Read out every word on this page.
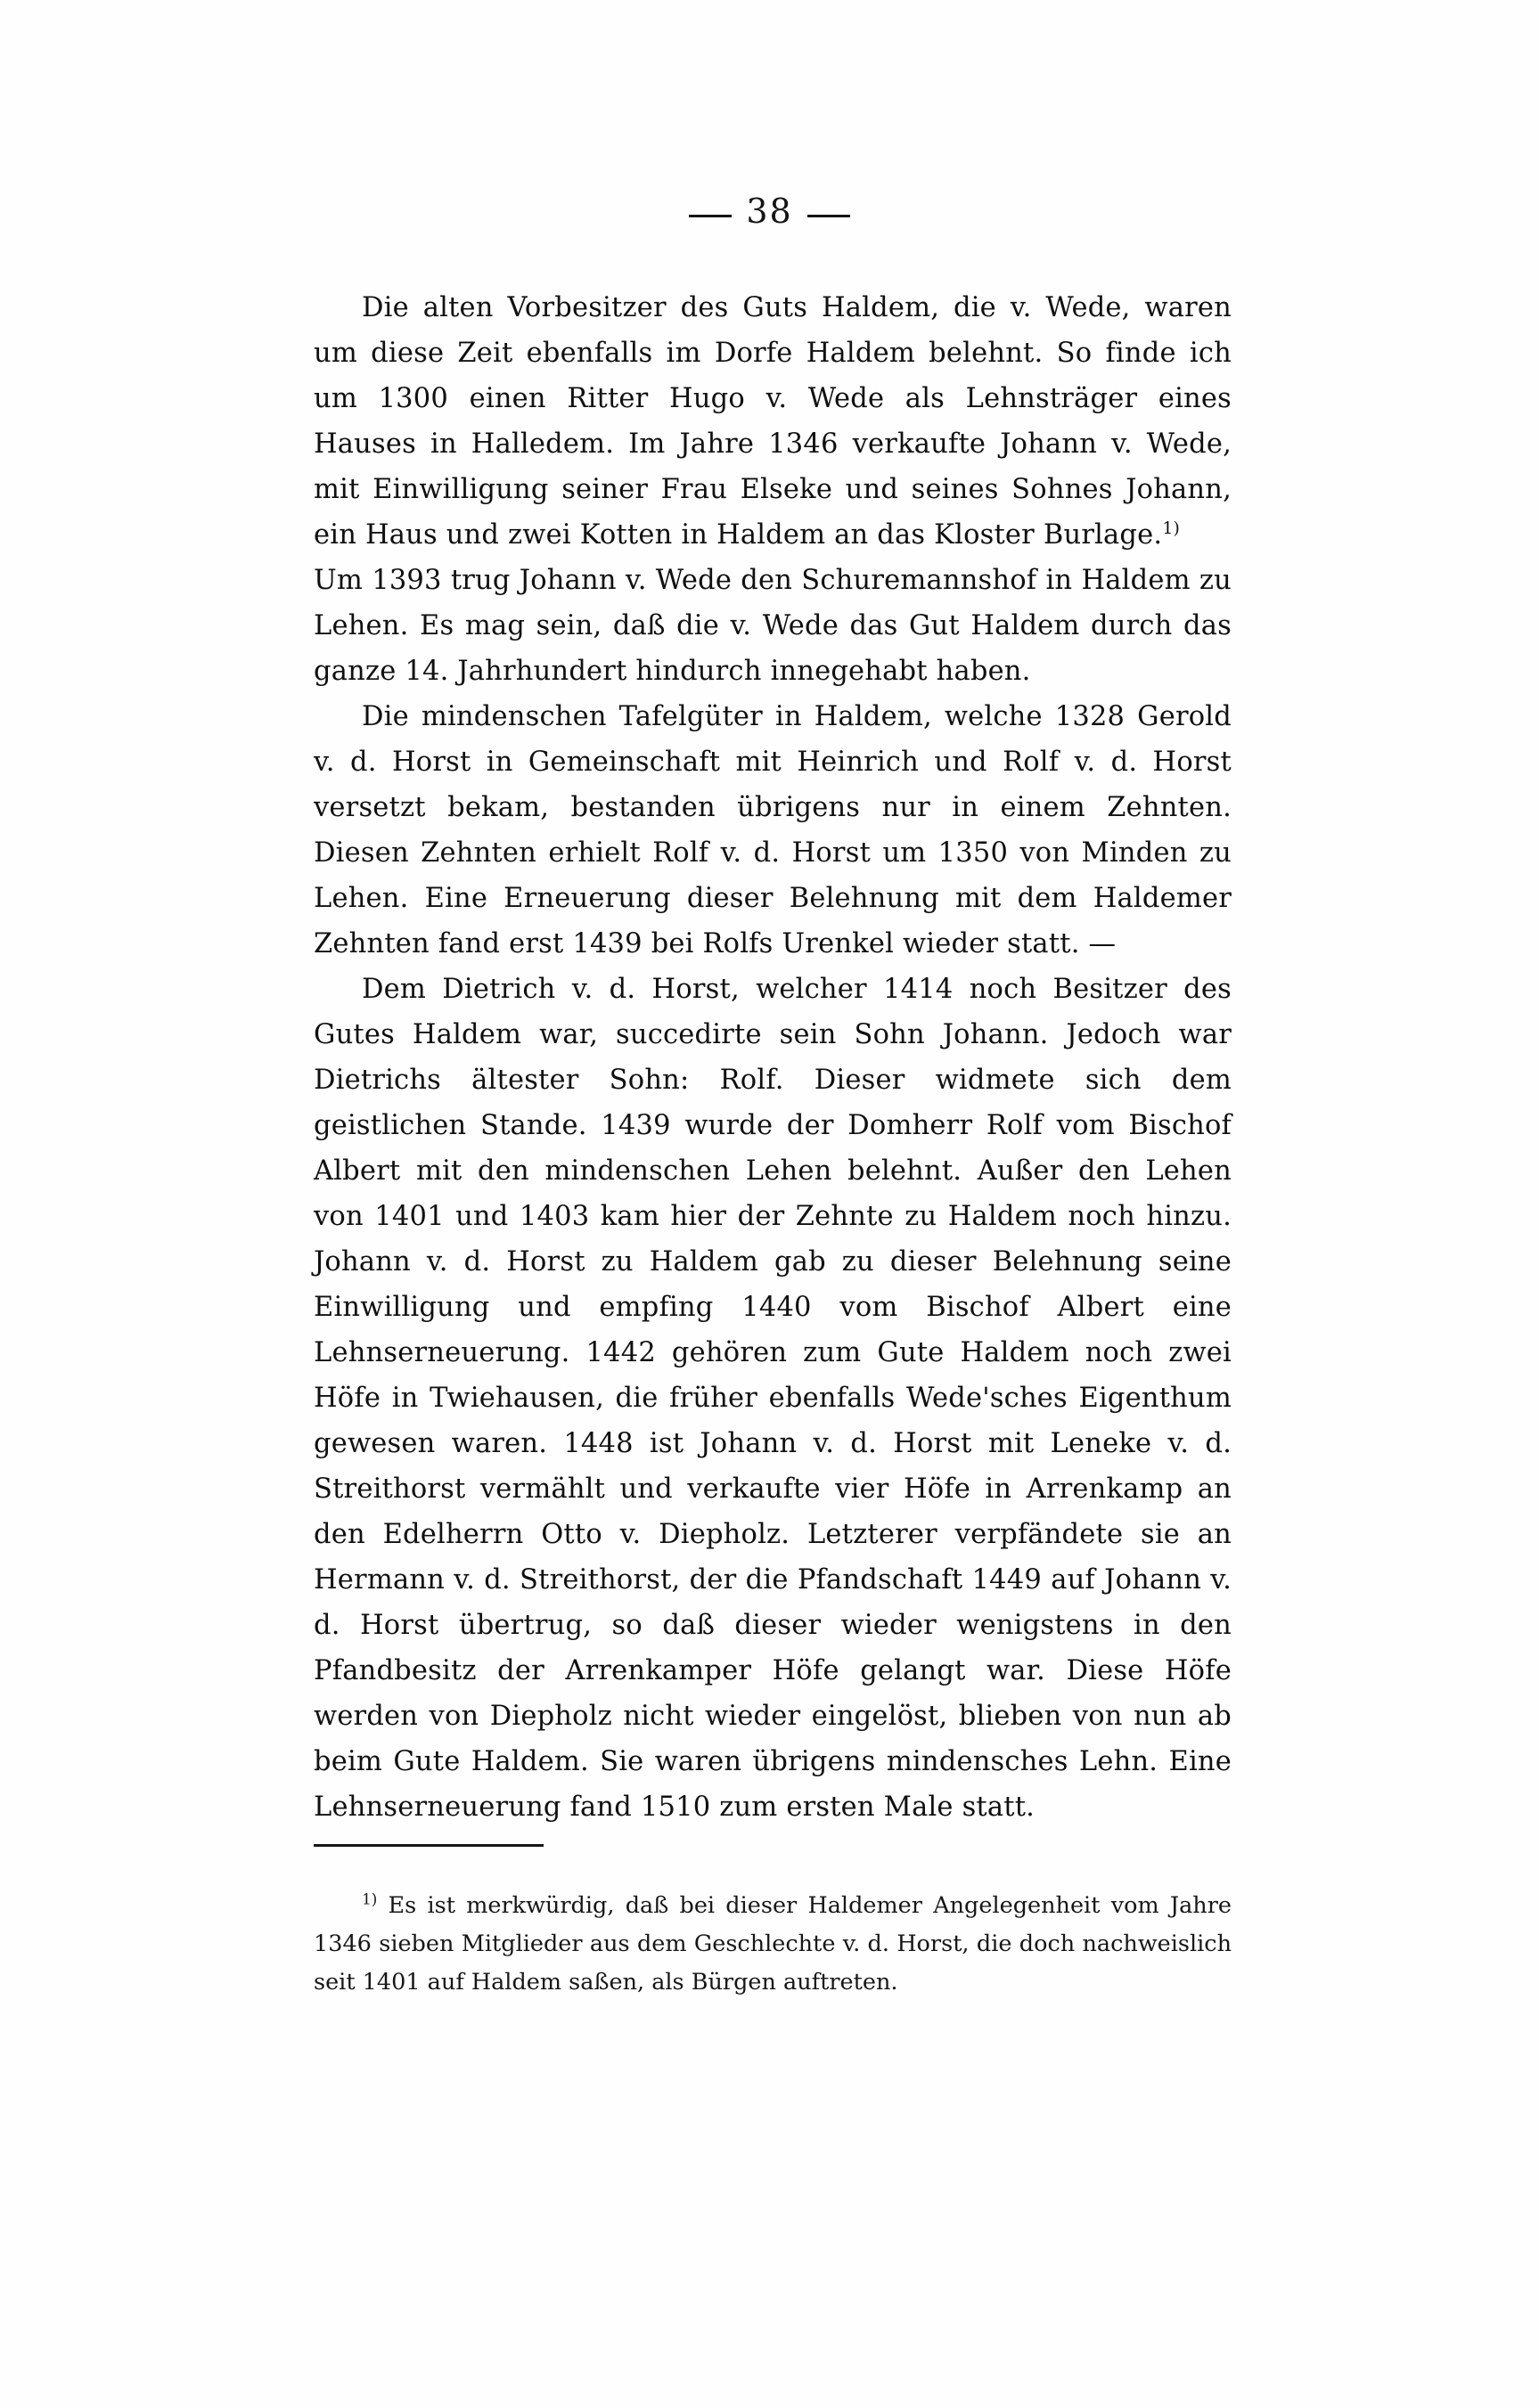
38

Die alten Vorbesitzer des Guts Haldem, die v. Wede, waren um diese Zeit ebenfalls im Dorfe Haldem belehnt. So finde ich um 1300 einen Ritter Hugo v. Wede als Lehnsträger eines Hauses in Halledem. Im Jahre 1346 verkaufte Johann v. Wede, mit Einwilligung seiner Frau Elseke und seines Sohnes Johann, ein Haus und zwei Kotten in Haldem an das Kloster Burlage.$^{1)}$

Um 1393 trug Johann v. Wede den Schuremannshof in Haldem zu Lehen. Es mag sein, daß die v. Wede das Gut Haldem durch das ganze 14. Jahrhundert hindurch innegehabt haben.

Die mindenschen Tafelgüter in Haldem, welche 1328 Gerold v. d. Horst in Gemeinschaft mit Heinrich und Rolf v. d. Horst versetzt bekam, bestanden übrigens nur in einem Zehnten. Diesen Zehnten erhielt Rolf v. d. Horst um 1350 von Minden zu Lehen. Eine Erneuerung dieser Belehnung mit dem Haldemer Zehnten fand erst 1439 bei Rolfs Urenkel wieder statt. —

Dem Dietrich v. d. Horst, welcher 1414 noch Besitzer des Gutes Haldem war, succedirte sein Sohn Johann. Jedoch war Dietrichs ältester Sohn: Rolf. Dieser widmete sich dem geistlichen Stande. 1439 wurde der Domherr Rolf vom Bischof Albert mit den mindenschen Lehen belehnt. Außer den Lehen von 1401 und 1403 kam hier der Zehnte zu Haldem noch hinzu. Johann v. d. Horst zu Haldem gab zu dieser Belehnung seine Einwilligung und empfing 1440 vom Bischof Albert eine Lehnserneuerung. 1442 gehören zum Gute Haldem noch zwei Höfe in Twiehausen, die früher ebenfalls Wede'sches Eigenthum gewesen waren. 1448 ist Johann v. d. Horst mit Leneke v. d. Streithorst vermählt und verkaufte vier Höfe in Arrenkamp an den Edelherrn Otto v. Diepholz. Letzterer verpfändete sie an Hermann v. d. Streithorst, der die Pfandschaft 1449 auf Johann v. d. Horst übertrug, so daß dieser wieder wenigstens in den Pfandbesitz der Arrenkamper Höfe gelangt war. Diese Höfe werden von Diepholz nicht wieder eingelöst, blieben von nun ab beim Gute Haldem. Sie waren übrigens mindensches Lehn. Eine Lehnserneuerung fand 1510 zum ersten Male statt.

$^{1)}$ Es ist merkwürdig, daß bei dieser Haldemer Angelegenheit vom Jahre 1346 sieben Mitglieder aus dem Geschlechte v. d. Horst, die doch nachweislich seit 1401 auf Haldem saßen, als Bürgen auftreten.
